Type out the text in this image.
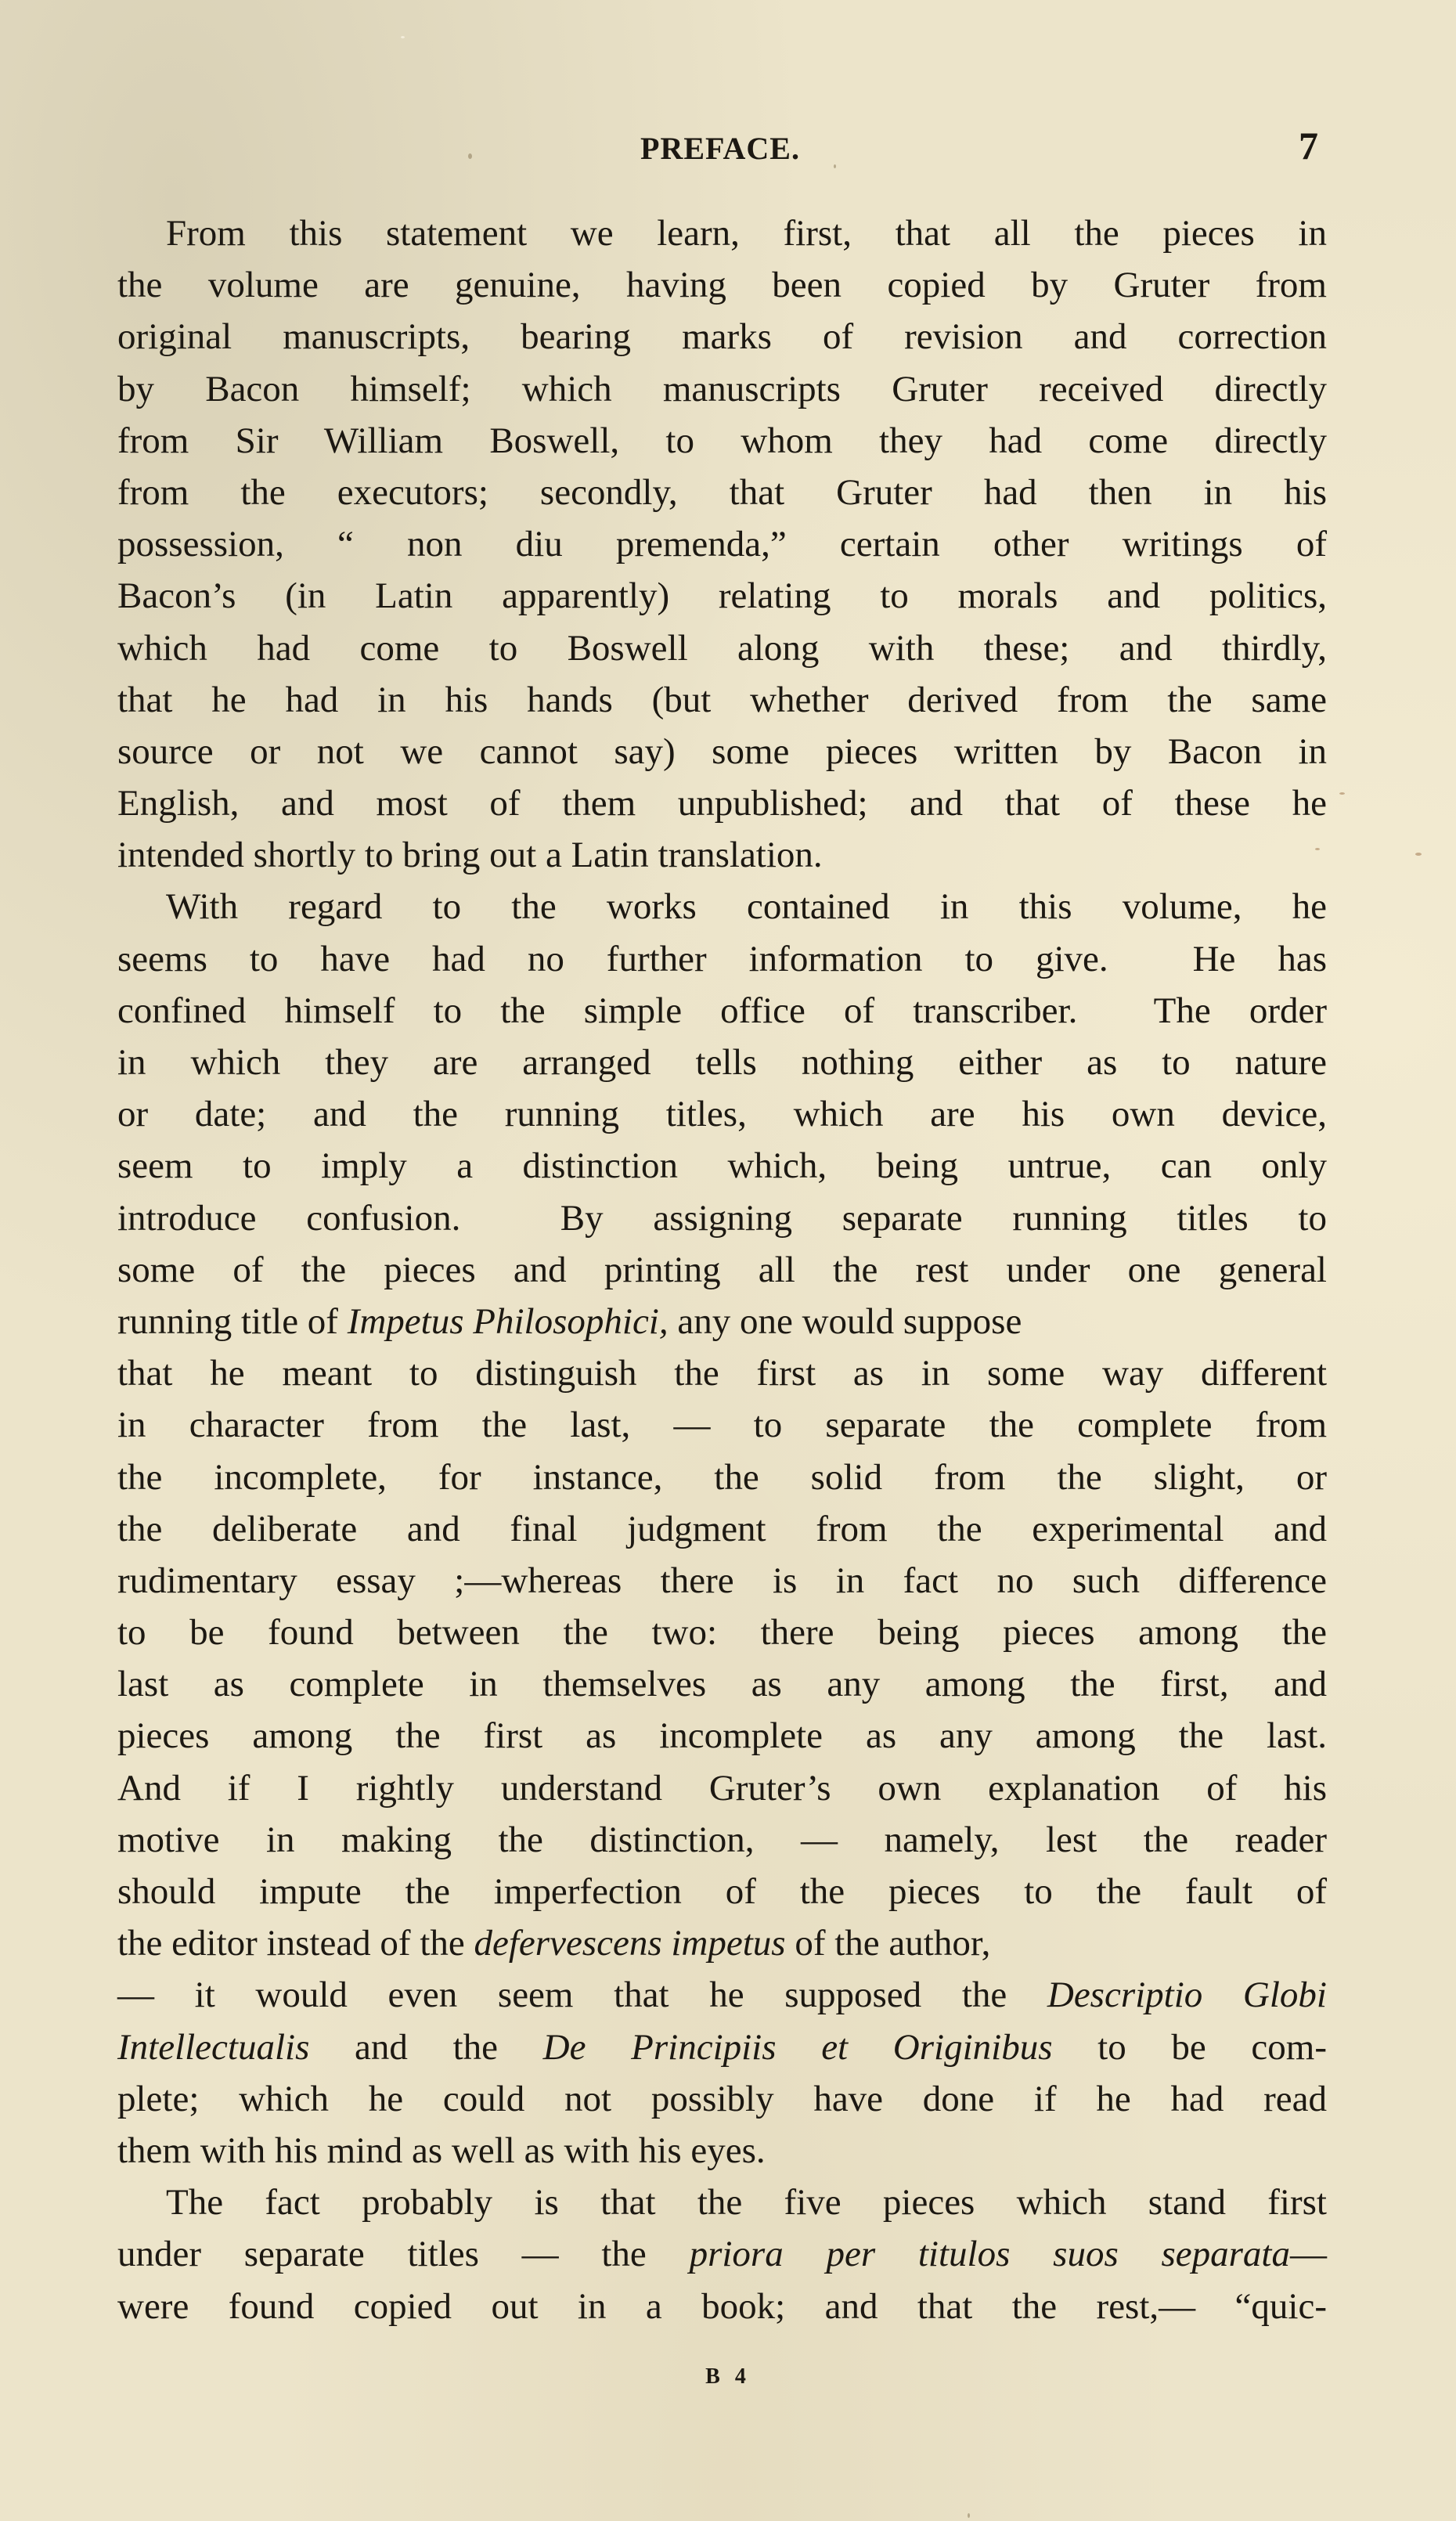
PREFACE.	7
From this statement we learn, first, that all the pieces in
the volume are genuine, having been copied by Gruter from
original manuscripts, bearing marks of revision and correction
by Bacon himself; which manuscripts Gruter received directly
from Sir William Boswell, to whom they had come directly
from the executors; secondly, that Gruter had then in his
possession, “ non diu premenda,” certain other writings of
Bacon’s (in Latin apparently) relating to morals and politics,
which had come to Boswell along with these; and thirdly,
that he had in his hands (but whether derived from the same
source or not we cannot say) some pieces written by Bacon in
English, and most of them unpublished; and that of these he
intended shortly to bring out a Latin translation.
With regard to the works contained in this volume, he
seems to have had no further information to give.  He has
confined himself to the simple office of transcriber.  The order
in which they are arranged tells nothing either as to nature
or date; and the running titles, which are his own device,
seem to imply a distinction which, being untrue, can only
introduce confusion.  By assigning separate running titles to
some of the pieces and printing all the rest under one general
running title of Impetus Philosophici, any one would suppose
that he meant to distinguish the first as in some way different
in character from the last, — to separate the complete from
the incomplete, for instance, the solid from the slight, or
the deliberate and final judgment from the experimental and
rudimentary essay ;—whereas there is in fact no such difference
to be found between the two: there being pieces among the
last as complete in themselves as any among the first, and
pieces among the first as incomplete as any among the last.
And if I rightly understand Gruter’s own explanation of his
motive in making the distinction, — namely, lest the reader
should impute the imperfection of the pieces to the fault of
the editor instead of the defervescens impetus of the author,
— it would even seem that he supposed the Descriptio Globi
Intellectualis and the De Principiis et Originibus to be com-
plete; which he could not possibly have done if he had read
them with his mind as well as with his eyes.
The fact probably is that the five pieces which stand first
under separate titles — the priora per titulos suos separata—
were found copied out in a book; and that the rest,— “quic-
B 4
